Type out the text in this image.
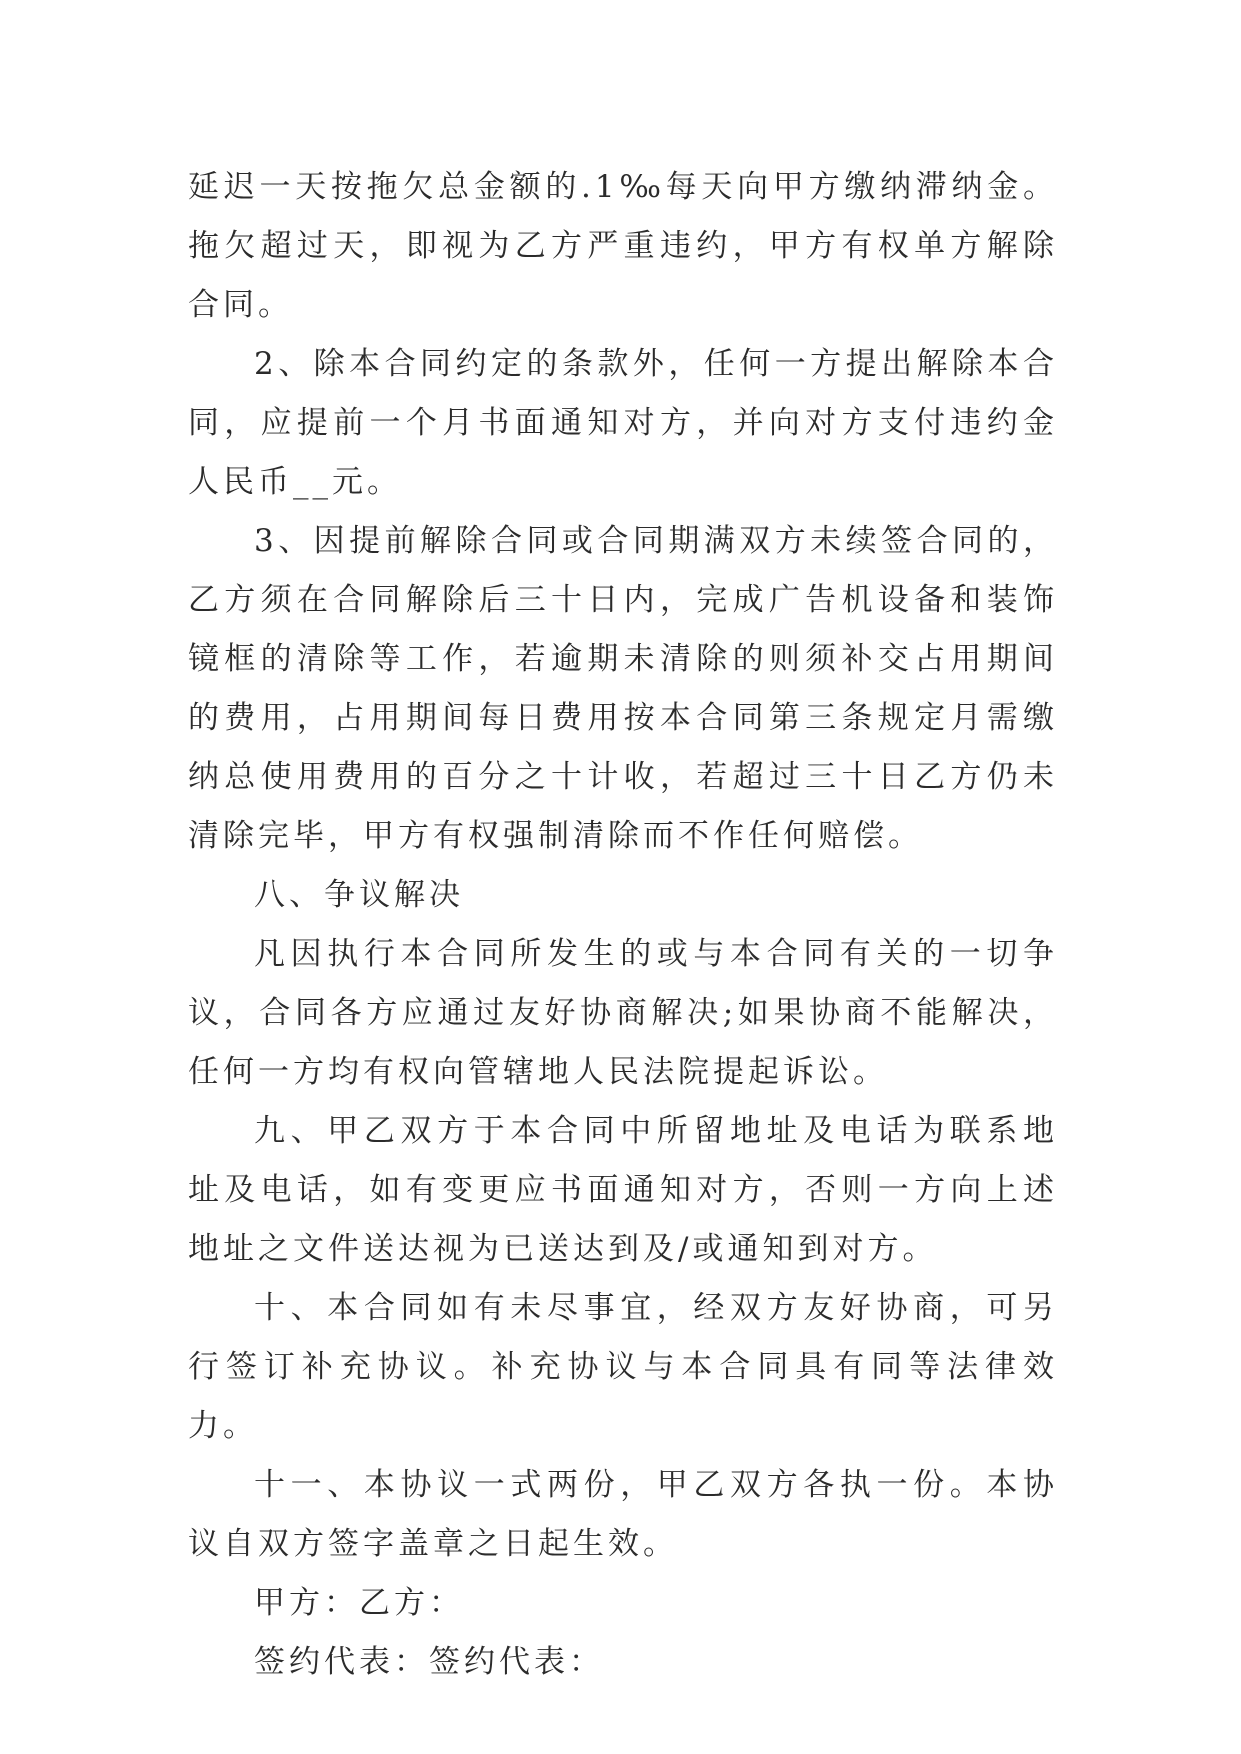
延迟一天按拖欠总金额的.1‰每天向甲方缴纳滞纳金。拖欠超过天，即视为乙方严重违约，甲方有权单方解除合同。

2、除本合同约定的条款外，任何一方提出解除本合同，应提前一个月书面通知对方，并向对方支付违约金人民币__元。

3、因提前解除合同或合同期满双方未续签合同的，乙方须在合同解除后三十日内，完成广告机设备和装饰镜框的清除等工作，若逾期未清除的则须补交占用期间的费用，占用期间每日费用按本合同第三条规定月需缴纳总使用费用的百分之十计收，若超过三十日乙方仍未清除完毕，甲方有权强制清除而不作任何赔偿。

八、争议解决

凡因执行本合同所发生的或与本合同有关的一切争议，合同各方应通过友好协商解决;如果协商不能解决，任何一方均有权向管辖地人民法院提起诉讼。

九、甲乙双方于本合同中所留地址及电话为联系地址及电话，如有变更应书面通知对方，否则一方向上述地址之文件送达视为已送达到及/或通知到对方。

十、本合同如有未尽事宜，经双方友好协商，可另行签订补充协议。补充协议与本合同具有同等法律效力。

十一、本协议一式两份，甲乙双方各执一份。本协议自双方签字盖章之日起生效。

甲方：乙方：

签约代表：签约代表：
